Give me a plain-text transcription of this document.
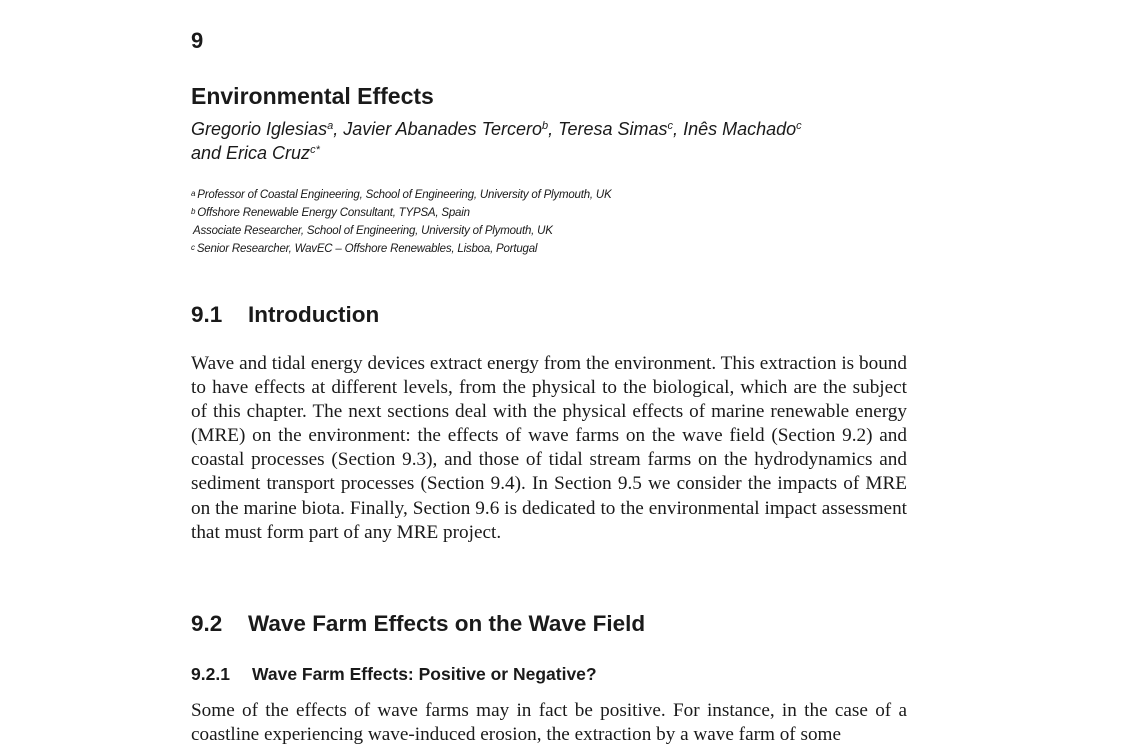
9
Environmental Effects
Gregorio Iglesias$^a$, Javier Abanades Tercero$^b$, Teresa Simas$^c$, Inês Machado$^c$
and Erica Cruz$^{c*}$
$^a$ Professor of Coastal Engineering, School of Engineering, University of Plymouth, UK
$^b$ Offshore Renewable Energy Consultant, TYPSA, Spain
Associate Researcher, School of Engineering, University of Plymouth, UK
$^c$ Senior Researcher, WavEC – Offshore Renewables, Lisboa, Portugal
9.1 Introduction
Wave and tidal energy devices extract energy from the environment. This extraction is bound to have effects at different levels, from the physical to the biological, which are the subject of this chapter. The next sections deal with the physical effects of marine renewable energy (MRE) on the environment: the effects of wave farms on the wave field (Section 9.2) and coastal processes (Section 9.3), and those of tidal stream farms on the hydrodynamics and sediment transport processes (Section 9.4). In Section 9.5 we consider the impacts of MRE on the marine biota. Finally, Section 9.6 is dedicated to the environmental impact assessment that must form part of any MRE project.
9.2 Wave Farm Effects on the Wave Field
9.2.1 Wave Farm Effects: Positive or Negative?
Some of the effects of wave farms may in fact be positive. For instance, in the case of a coastline experiencing wave-induced erosion, the extraction by a wave farm of some
